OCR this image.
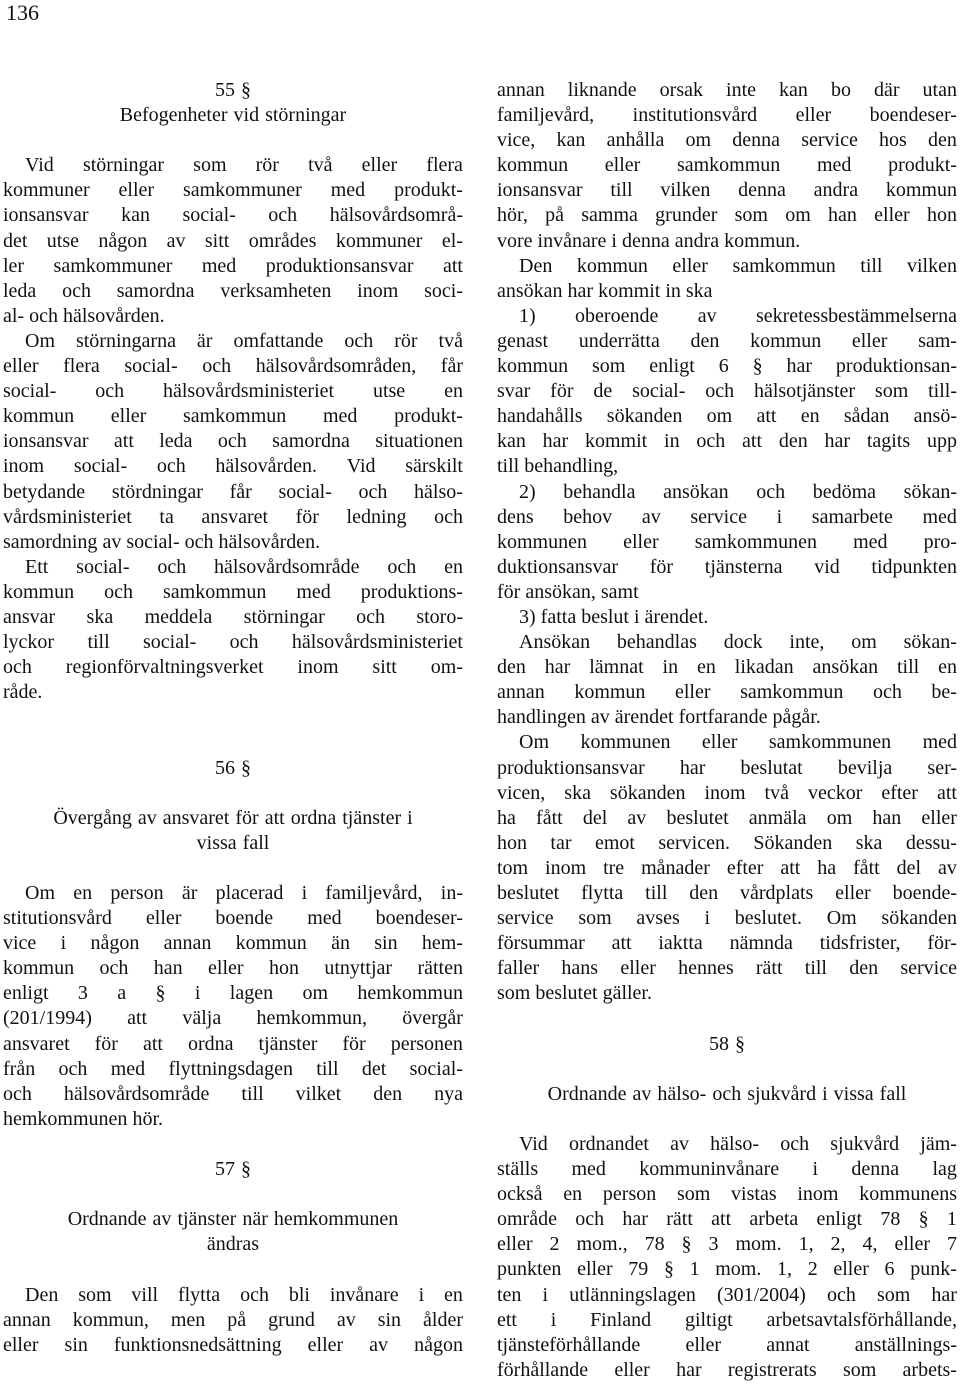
136
55 §
Befogenheter vid störningar
Vid störningar som rör två eller flera
kommuner eller samkommuner med produkt-
ionsansvar kan social- och hälsovårdsområ-
det utse någon av sitt områdes kommuner el-
ler samkommuner med produktionsansvar att
leda och samordna verksamheten inom soci-
al- och hälsovården.
Om störningarna är omfattande och rör två
eller flera social- och hälsovårdsområden, får
social- och hälsovårdsministeriet utse en
kommun eller samkommun med produkt-
ionsansvar att leda och samordna situationen
inom social- och hälsovården. Vid särskilt
betydande stördningar får social- och hälso-
vårdsministeriet ta ansvaret för ledning och
samordning av social- och hälsovården.
Ett social- och hälsovårdsområde och en
kommun och samkommun med produktions-
ansvar ska meddela störningar och storo-
lyckor till social- och hälsovårdsministeriet
och regionförvaltningsverket inom sitt om-
råde.
56 §
Övergång av ansvaret för att ordna tjänster i
vissa fall
Om en person är placerad i familjevård, in-
stitutionsvård eller boende med boendeser-
vice i någon annan kommun än sin hem-
kommun och han eller hon utnyttjar rätten
enligt 3 a § i lagen om hemkommun
(201/1994) att välja hemkommun, övergår
ansvaret för att ordna tjänster för personen
från och med flyttningsdagen till det social-
och hälsovårdsområde till vilket den nya
hemkommunen hör.
57 §
Ordnande av tjänster när hemkommunen
ändras
Den som vill flytta och bli invånare i en
annan kommun, men på grund av sin ålder
eller sin funktionsnedsättning eller av någon
annan liknande orsak inte kan bo där utan
familjevård, institutionsvård eller boendeser-
vice, kan anhålla om denna service hos den
kommun eller samkommun med produkt-
ionsansvar till vilken denna andra kommun
hör, på samma grunder som om han eller hon
vore invånare i denna andra kommun.
Den kommun eller samkommun till vilken
ansökan har kommit in ska
1) oberoende av sekretessbestämmelserna
genast underrätta den kommun eller sam-
kommun som enligt 6 § har produktionsan-
svar för de social- och hälsotjänster som till-
handahålls sökanden om att en sådan ansö-
kan har kommit in och att den har tagits upp
till behandling,
2) behandla ansökan och bedöma sökan-
dens behov av service i samarbete med
kommunen eller samkommunen med pro-
duktionsansvar för tjänsterna vid tidpunkten
för ansökan, samt
3) fatta beslut i ärendet.
Ansökan behandlas dock inte, om sökan-
den har lämnat in en likadan ansökan till en
annan kommun eller samkommun och be-
handlingen av ärendet fortfarande pågår.
Om kommunen eller samkommunen med
produktionsansvar har beslutat bevilja ser-
vicen, ska sökanden inom två veckor efter att
ha fått del av beslutet anmäla om han eller
hon tar emot servicen. Sökanden ska dessu-
tom inom tre månader efter att ha fått del av
beslutet flytta till den vårdplats eller boende-
service som avses i beslutet. Om sökanden
försummar att iaktta nämnda tidsfrister, för-
faller hans eller hennes rätt till den service
som beslutet gäller.
58 §
Ordnande av hälso- och sjukvård i vissa fall
Vid ordnandet av hälso- och sjukvård jäm-
ställs med kommuninvånare i denna lag
också en person som vistas inom kommunens
område och har rätt att arbeta enligt 78 § 1
eller 2 mom., 78 § 3 mom. 1, 2, 4, eller 7
punkten eller 79 § 1 mom. 1, 2 eller 6 punk-
ten i utlänningslagen (301/2004) och som har
ett i Finland giltigt arbetsavtalsförhållande,
tjänsteförhållande eller annat anställnings-
förhållande eller har registrerats som arbets-
